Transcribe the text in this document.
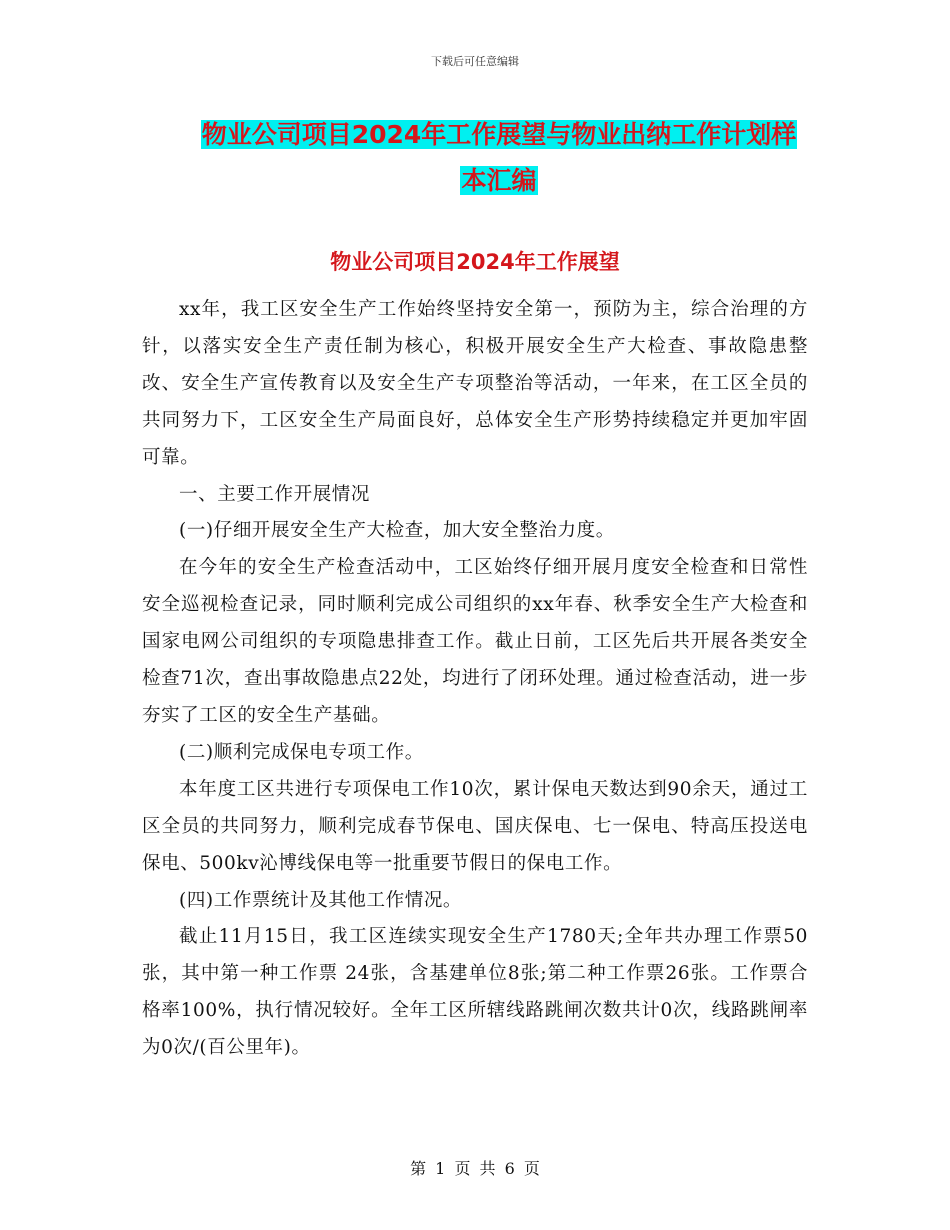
下载后可任意编辑
物业公司项目2024年工作展望与物业出纳工作计划样
本汇编
物业公司项目2024年工作展望

xx年，我工区安全生产工作始终坚持安全第一，预防为主，综合治理的方针，以落实安全生产责任制为核心，积极开展安全生产大检查、事故隐患整改、安全生产宣传教育以及安全生产专项整治等活动，一年来，在工区全员的共同努力下，工区安全生产局面良好，总体安全生产形势持续稳定并更加牢固可靠。

一、主要工作开展情况

(一)仔细开展安全生产大检查，加大安全整治力度。

在今年的安全生产检查活动中，工区始终仔细开展月度安全检查和日常性安全巡视检查记录，同时顺利完成公司组织的xx年春、秋季安全生产大检查和国家电网公司组织的专项隐患排查工作。截止日前，工区先后共开展各类安全检查71次，查出事故隐患点22处，均进行了闭环处理。通过检查活动，进一步夯实了工区的安全生产基础。

(二)顺利完成保电专项工作。

本年度工区共进行专项保电工作10次，累计保电天数达到90余天，通过工区全员的共同努力，顺利完成春节保电、国庆保电、七一保电、特高压投送电保电、500kv沁博线保电等一批重要节假日的保电工作。

(四)工作票统计及其他工作情况。

截止11月15日，我工区连续实现安全生产1780天;全年共办理工作票50张，其中第一种工作票 24张，含基建单位8张;第二种工作票26张。工作票合格率100%，执行情况较好。全年工区所辖线路跳闸次数共计0次，线路跳闸率为0次/(百公里年)。

第 1 页 共 6 页
